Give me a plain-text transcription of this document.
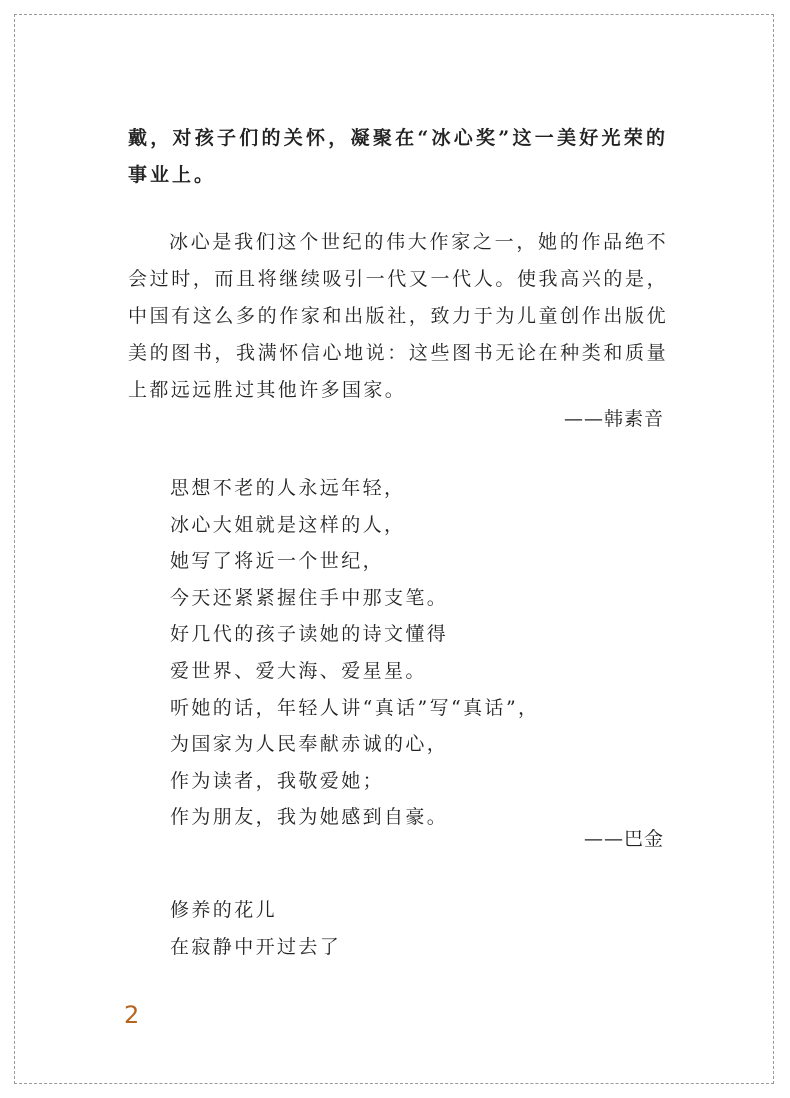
戴，对孩子们的关怀，凝聚在“冰心奖”这一美好光荣的事业上。

冰心是我们这个世纪的伟大作家之一，她的作品绝不会过时，而且将继续吸引一代又一代人。使我高兴的是，中国有这么多的作家和出版社，致力于为儿童创作出版优美的图书，我满怀信心地说：这些图书无论在种类和质量上都远远胜过其他许多国家。

——韩素音

思想不老的人永远年轻，
冰心大姐就是这样的人，
她写了将近一个世纪，
今天还紧紧握住手中那支笔。
好几代的孩子读她的诗文懂得
爱世界、爱大海、爱星星。
听她的话，年轻人讲“真话”写“真话”，
为国家为人民奉献赤诚的心，
作为读者，我敬爱她；
作为朋友，我为她感到自豪。

——巴金

修养的花儿
在寂静中开过去了
2
